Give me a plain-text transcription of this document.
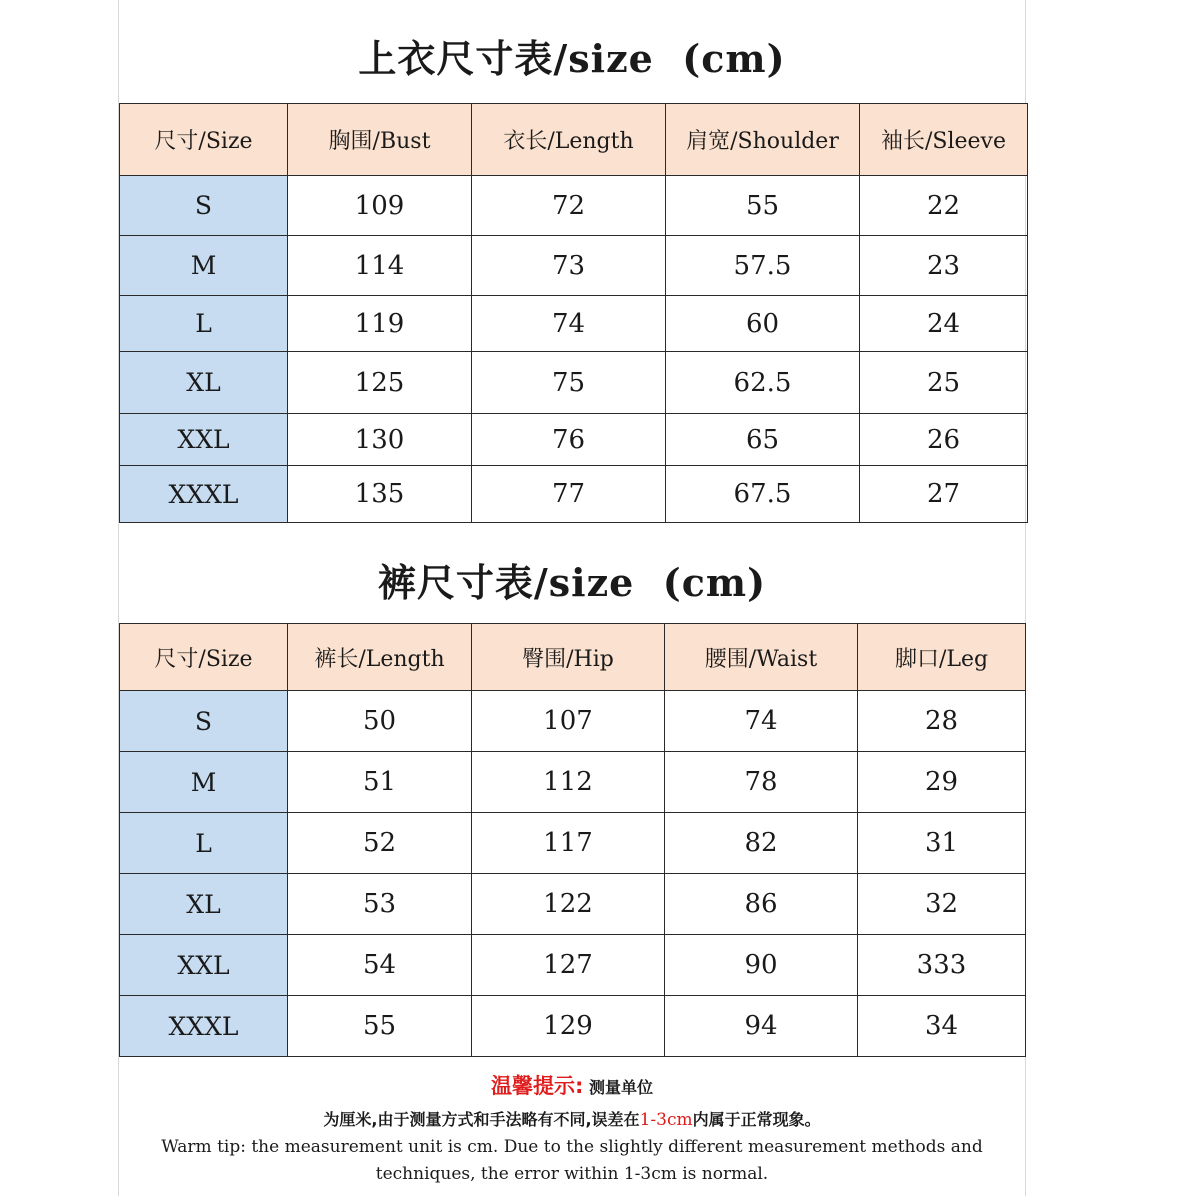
上衣尺寸表/size  (cm)
尺寸/Size	胸围/Bust	衣长/Length	肩宽/Shoulder	袖长/Sleeve
S	109	72	55	22
M	114	73	57.5	23
L	119	74	60	24
XL	125	75	62.5	25
XXL	130	76	65	26
XXXL	135	77	67.5	27
裤尺寸表/size  (cm)
尺寸/Size	裤长/Length	臀围/Hip	腰围/Waist	脚口/Leg
S	50	107	74	28
M	51	112	78	29
L	52	117	82	31
XL	53	122	86	32
XXL	54	127	90	333
XXXL	55	129	94	34
温馨提示: 测量单位
为厘米,由于测量方式和手法略有不同,误差在1-3cm内属于正常现象。
Warm tip: the measurement unit is cm. Due to the slightly different measurement methods and
techniques, the error within 1-3cm is normal.
